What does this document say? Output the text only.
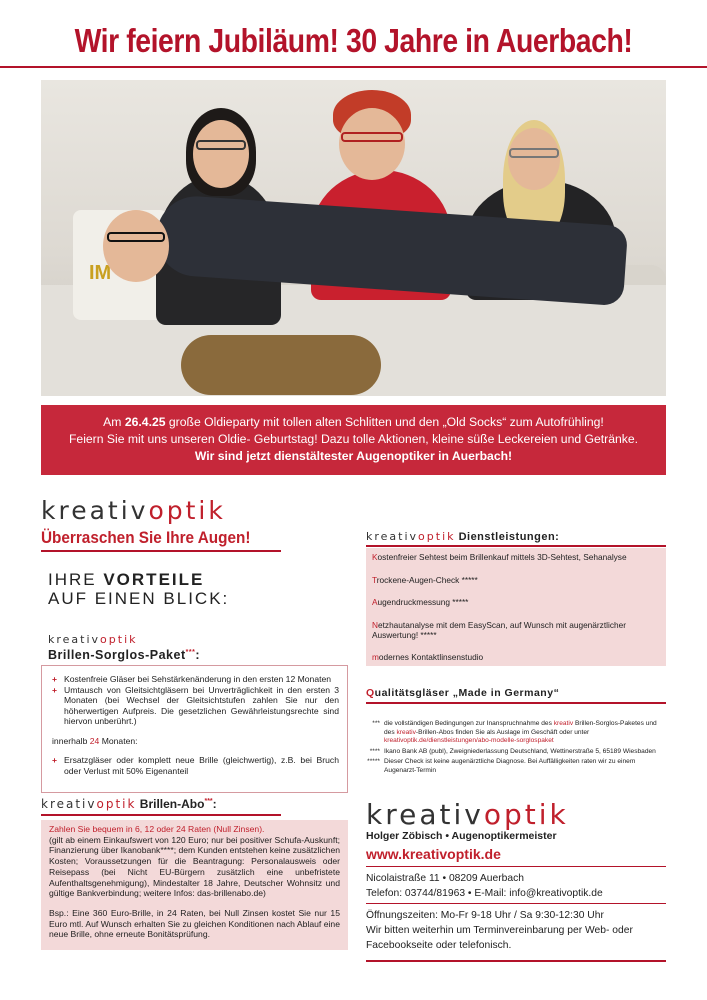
Wir feiern Jubiläum! 30 Jahre in Auerbach!
IM
Am 26.4.25 große Oldieparty mit tollen alten Schlitten und den „Old Socks“ zum Autofrühling!
Feiern Sie mit uns unseren Oldie- Geburtstag! Dazu tolle Aktionen, kleine süße Leckereien und Getränke.
Wir sind jetzt dienstältester Augenoptiker in Auerbach!
kreativoptik
Überraschen Sie Ihre Augen!
IHRE VORTEILE
AUF EINEN BLICK:
kreativoptik
Brillen-Sorglos-Paket***:
+ Kostenfreie Gläser bei Sehstärkenänderung in den ersten 12 Monaten
+ Umtausch von Gleitsichtgläsern bei Unverträglichkeit in den ersten 3 Monaten (bei Wechsel der Gleitsichtstufen zahlen Sie nur den höherwertigen Aufpreis. Die gesetzlichen Gewährleistungsrechte sind hiervon unberührt.)
innerhalb 24 Monaten:
+ Ersatzgläser oder komplett neue Brille (gleichwertig), z.B. bei Bruch oder Verlust mit 50% Eigenanteil
kreativoptik Brillen-Abo***:
Zahlen Sie bequem in 6, 12 oder 24 Raten (Null Zinsen).
(gilt ab einem Einkaufswert von 120 Euro; nur bei positiver Schufa-Auskunft; Finanzierung über Ikanobank****; dem Kunden entstehen keine zusätzlichen Kosten; Voraussetzungen für die Beantragung: Personalausweis oder Reisepass (bei Nicht EU-Bürgern zusätzlich eine unbefristete Aufenthaltsgenehmigung), Mindestalter 18 Jahre, Deutscher Wohnsitz und gültige Bankverbindung; weitere Infos: das-brillenabo.de)
Bsp.: Eine 360 Euro-Brille, in 24 Raten, bei Null Zinsen kostet Sie nur 15 Euro mtl. Auf Wunsch erhalten Sie zu gleichen Konditionen nach Ablauf eine neue Brille, ohne erneute Bonitätsprüfung.
kreativoptik Dienstleistungen:
Kostenfreier Sehtest beim Brillenkauf mittels 3D-Sehtest, Sehanalyse
Trockene-Augen-Check *****
Augendruckmessung *****
Netzhautanalyse mit dem EasyScan, auf Wunsch mit augenärztlicher Auswertung! *****
modernes Kontaktlinsenstudio
Qualitätsgläser „Made in Germany“
*** die vollständigen Bedingungen zur Inanspruchnahme des kreativ Brillen-Sorglos-Paketes und des kreativ-Brillen-Abos finden Sie als Auslage im Geschäft oder unter kreativoptik.de/dienstleistungen/abo-modelle-sorglospaket
**** Ikano Bank AB (publ), Zweigniederlassung Deutschland, Wettinerstraße 5, 65189 Wiesbaden
***** Dieser Check ist keine augenärztliche Diagnose. Bei Auffälligkeiten raten wir zu einem Augenarzt-Termin
kreativoptik
Holger Zöbisch • Augenoptikermeister
www.kreativoptik.de
Nicolaistraße 11 • 08209 Auerbach
Telefon: 03744/81963 • E-Mail: info@kreativoptik.de
Öffnungszeiten: Mo-Fr 9-18 Uhr / Sa 9:30-12:30 Uhr
Wir bitten weiterhin um Terminvereinbarung per Web- oder Facebookseite oder telefonisch.
